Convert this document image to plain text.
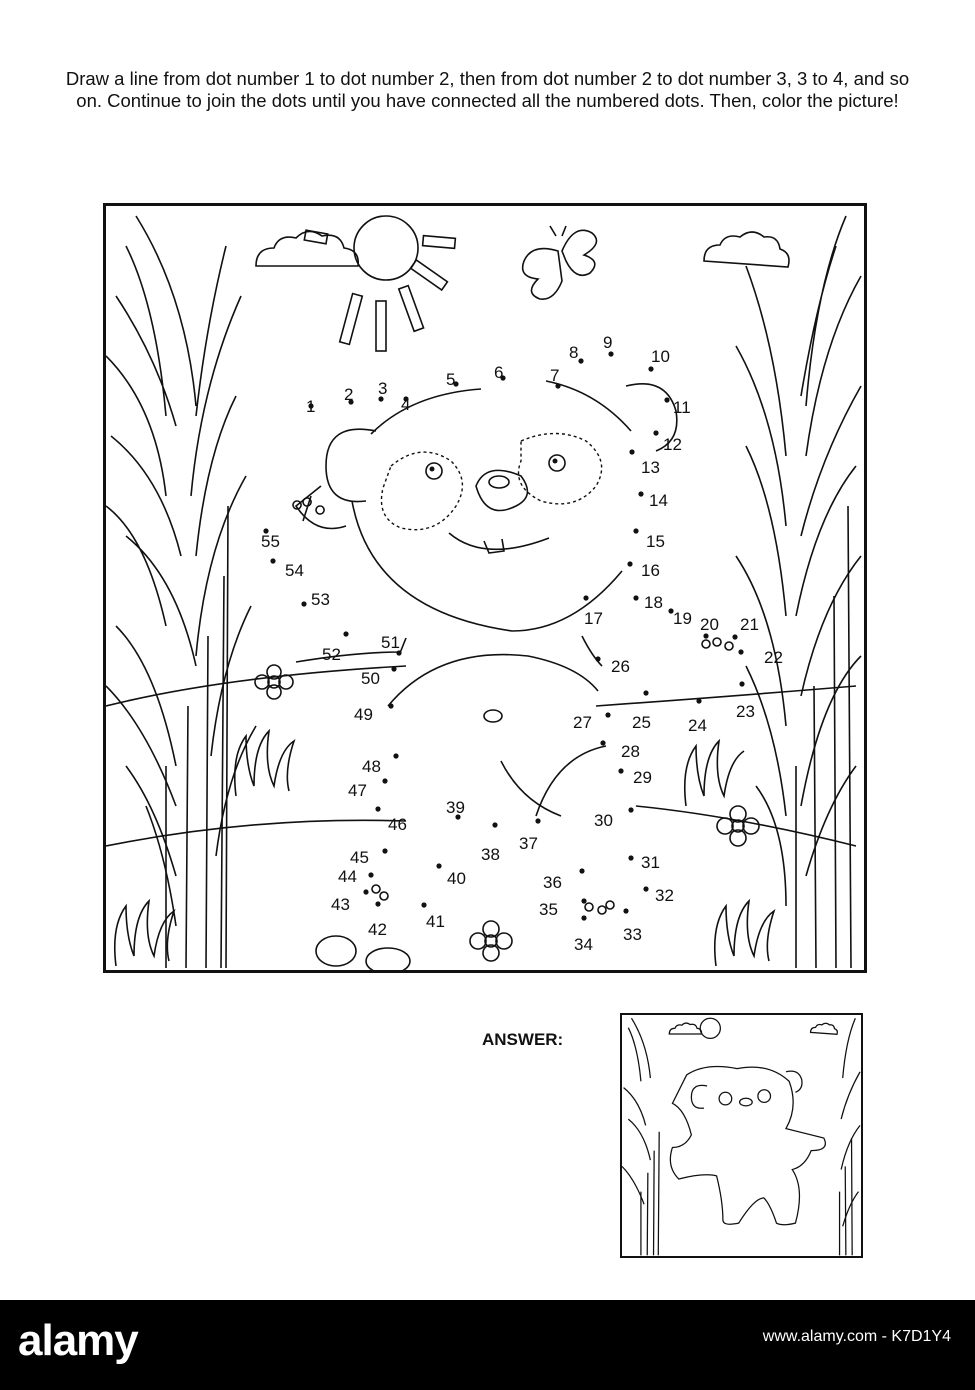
Draw a line from dot number 1 to dot number 2, then from dot number 2 to dot number 3, 3 to 4, and so on. Continue to join the dots until you have connected all the numbered dots. Then, color the picture!
1
2 3
4
5 6	7
8
9
10
11
12
13
14
15
16
17
18
19 20 21
22
23
24
25
26
27
28
29
30
31
32
33
34
35
36
37
38
39
40
41
42
43
44
45
46
47
48
49
50
51
52
53
54
55
ANSWER:
alamy	www.alamy.com - K7D1Y4
